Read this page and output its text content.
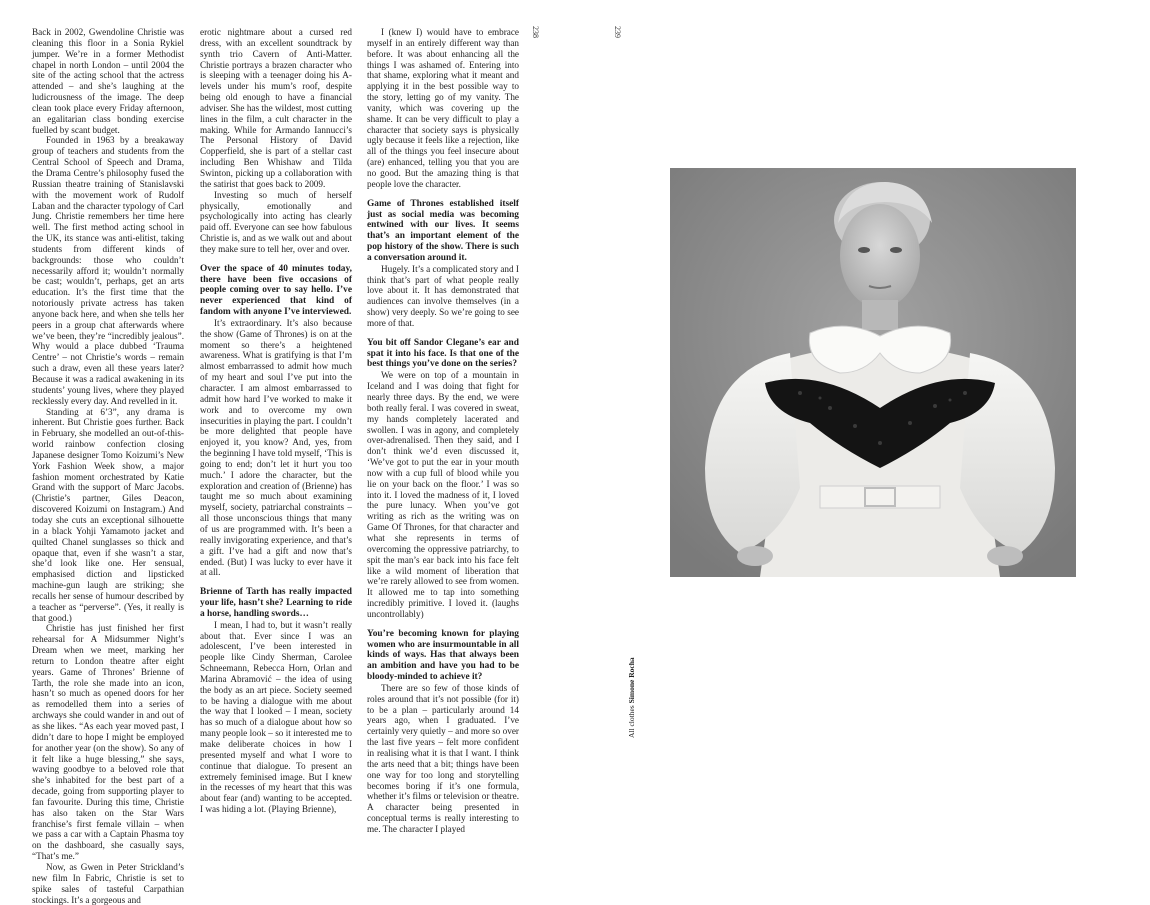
Back in 2002, Gwendoline Christie was cleaning this floor in a Sonia Rykiel jumper. We’re in a former Methodist chapel in north London – until 2004 the site of the acting school that the actress attended – and she’s laughing at the ludicrousness of the image. The deep clean took place every Friday afternoon, an egalitarian class bonding exercise fuelled by scant budget.

Founded in 1963 by a breakaway group of teachers and students from the Central School of Speech and Drama, the Drama Centre’s philosophy fused the Russian theatre training of Stanislavski with the movement work of Rudolf Laban and the character typology of Carl Jung. Christie remembers her time here well. The first method acting school in the UK, its stance was anti-elitist, taking students from different kinds of backgrounds: those who couldn’t necessarily afford it; wouldn’t normally be cast; wouldn’t, perhaps, get an arts education. It’s the first time that the notoriously private actress has taken anyone back here, and when she tells her peers in a group chat afterwards where we’ve been, they’re “incredibly jealous”. Why would a place dubbed ‘Trauma Centre’ – not Christie’s words – remain such a draw, even all these years later? Because it was a radical awakening in its students’ young lives, where they played recklessly every day. And revelled in it.

Standing at 6’3”, any drama is inherent. But Christie goes further. Back in February, she modelled an out-of-this-world rainbow confection closing Japanese designer Tomo Koizumi’s New York Fashion Week show, a major fashion moment orchestrated by Katie Grand with the support of Marc Jacobs. (Christie’s partner, Giles Deacon, discovered Koizumi on Instagram.) And today she cuts an exceptional silhouette in a black Yohji Yamamoto jacket and quilted Chanel sunglasses so thick and opaque that, even if she wasn’t a star, she’d look like one. Her sensual, emphasised diction and lipsticked machine-gun laugh are striking; she recalls her sense of humour described by a teacher as “perverse”. (Yes, it really is that good.)

Christie has just finished her first rehearsal for A Midsummer Night’s Dream when we meet, marking her return to London theatre after eight years. Game of Thrones’ Brienne of Tarth, the role she made into an icon, hasn’t so much as opened doors for her as remodelled them into a series of archways she could wander in and out of as she likes. “As each year moved past, I didn’t dare to hope I might be employed for another year (on the show). So any of it felt like a huge blessing,” she says, waving goodbye to a beloved role that she’s inhabited for the best part of a decade, going from supporting player to fan favourite. During this time, Christie has also taken on the Star Wars franchise’s first female villain – when we pass a car with a Captain Phasma toy on the dashboard, she casually says, “That’s me.”

Now, as Gwen in Peter Strickland’s new film In Fabric, Christie is set to spike sales of tasteful Carpathian stockings. It’s a gorgeous and

erotic nightmare about a cursed red dress, with an excellent soundtrack by synth trio Cavern of Anti-Matter. Christie portrays a brazen character who is sleeping with a teenager doing his A-levels under his mum’s roof, despite being old enough to have a financial adviser. She has the wildest, most cutting lines in the film, a cult character in the making. While for Armando Iannucci’s The Personal History of David Copperfield, she is part of a stellar cast including Ben Whishaw and Tilda Swinton, picking up a collaboration with the satirist that goes back to 2009.

Investing so much of herself physically, emotionally and psychologically into acting has clearly paid off. Everyone can see how fabulous Christie is, and as we walk out and about they make sure to tell her, over and over.

Over the space of 40 minutes today, there have been five occasions of people coming over to say hello. I’ve never experienced that kind of fandom with anyone I’ve interviewed.

It’s extraordinary. It’s also because the show (Game of Thrones) is on at the moment so there’s a heightened awareness. What is gratifying is that I’m almost embarrassed to admit how much of my heart and soul I’ve put into the character. I am almost embarrassed to admit how hard I’ve worked to make it work and to overcome my own insecurities in playing the part. I couldn’t be more delighted that people have enjoyed it, you know? And, yes, from the beginning I have told myself, ‘This is going to end; don’t let it hurt you too much.’ I adore the character, but the exploration and creation of (Brienne) has taught me so much about examining myself, society, patriarchal constraints – all those unconscious things that many of us are programmed with. It’s been a really invigorating experience, and that’s a gift. I’ve had a gift and now that’s ended. (But) I was lucky to ever have it at all.

Brienne of Tarth has really impacted your life, hasn’t she? Learning to ride a horse, handling swords…

I mean, I had to, but it wasn’t really about that. Ever since I was an adolescent, I’ve been interested in people like Cindy Sherman, Carolee Schneemann, Rebecca Horn, Orlan and Marina Abramović – the idea of using the body as an art piece. Society seemed to be having a dialogue with me about the way that I looked – I mean, society has so much of a dialogue about how so many people look – so it interested me to make deliberate choices in how I presented myself and what I wore to continue that dialogue. To present an extremely feminised image. But I knew in the recesses of my heart that this was about fear (and) wanting to be accepted. I was hiding a lot. (Playing Brienne),

I (knew I) would have to embrace myself in an entirely different way than before. It was about enhancing all the things I was ashamed of. Entering into that shame, exploring what it meant and applying it in the best possible way to the story, letting go of my vanity. The vanity, which was covering up the shame. It can be very difficult to play a character that society says is physically ugly because it feels like a rejection, like all of the things you feel insecure about (are) enhanced, telling you that you are no good. But the amazing thing is that people love the character.

Game of Thrones established itself just as social media was becoming entwined with our lives. It seems that’s an important element of the pop history of the show. There is such a conversation around it.

Hugely. It’s a complicated story and I think that’s part of what people really love about it. It has demonstrated that audiences can involve themselves (in a show) very deeply. So we’re going to see more of that.

You bit off Sandor Clegane’s ear and spat it into his face. Is that one of the best things you’ve done on the series?

We were on top of a mountain in Iceland and I was doing that fight for nearly three days. By the end, we were both really feral. I was covered in sweat, my hands completely lacerated and swollen. I was in agony, and completely over-adrenalised. Then they said, and I don’t think we’d even discussed it, ‘We’ve got to put the ear in your mouth now with a cup full of blood while you lie on your back on the floor.’ I was so into it. I loved the madness of it, I loved the pure lunacy. When you’ve got writing as rich as the writing was on Game Of Thrones, for that character and what she represents in terms of overcoming the oppressive patriarchy, to spit the man’s ear back into his face felt like a wild moment of liberation that we’re rarely allowed to see from women. It allowed me to tap into something incredibly primitive. I loved it. (laughs uncontrollably)

You’re becoming known for playing women who are insurmountable in all kinds of ways. Has that always been an ambition and have you had to be bloody-minded to achieve it?

There are so few of those kinds of roles around that it’s not possible (for it) to be a plan – particularly around 14 years ago, when I graduated. I’ve certainly very quietly – and more so over the last five years – felt more confident in realising what it is that I want. I think the arts need that a bit; things have been one way for too long and storytelling becomes boring if it’s one formula, whether it’s films or television or theatre. A character being presented in conceptual terms is really interesting to me. The character I played

238	239
All clothes Simone Rocha
